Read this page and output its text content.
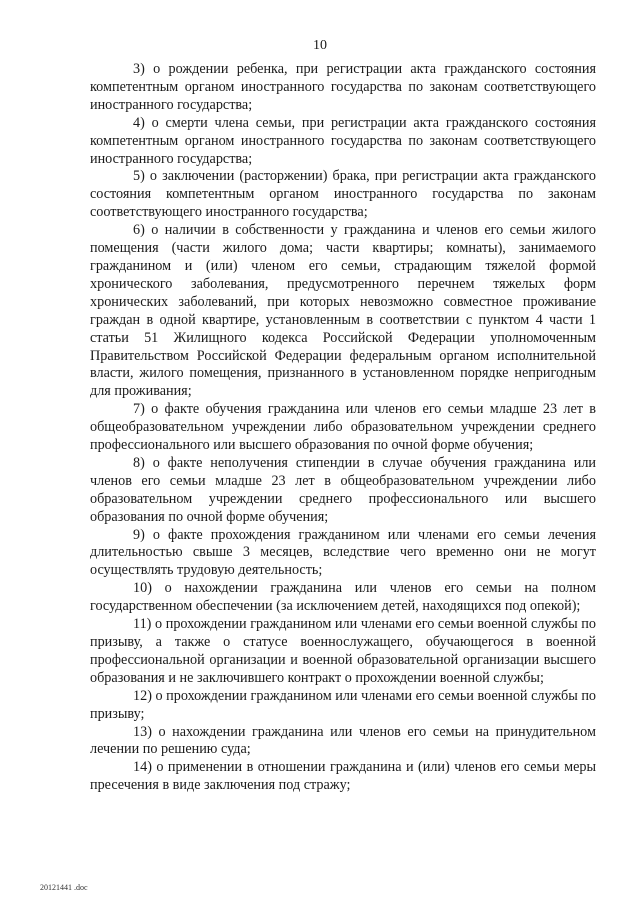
10

3) о рождении ребенка, при регистрации акта гражданского состояния компетентным органом иностранного государства по законам соответствующего иностранного государства;

4) о смерти члена семьи, при регистрации акта гражданского состояния компетентным органом иностранного государства по законам соответствующего иностранного государства;

5) о заключении (расторжении) брака, при регистрации акта гражданского состояния компетентным органом иностранного государства по законам соответствующего иностранного государства;

6) о наличии в собственности у гражданина и членов его семьи жилого помещения (части жилого дома; части квартиры; комнаты), занимаемого гражданином и (или) членом его семьи, страдающим тяжелой формой хронического заболевания, предусмотренного перечнем тяжелых форм хронических заболеваний, при которых невозможно совместное проживание граждан в одной квартире, установленным в соответствии с пунктом 4 части 1 статьи 51 Жилищного кодекса Российской Федерации уполномоченным Правительством Российской Федерации федеральным органом исполнительной власти, жилого помещения, признанного в установленном порядке непригодным для проживания;

7) о факте обучения гражданина или членов его семьи младше 23 лет в общеобразовательном учреждении либо образовательном учреждении среднего профессионального или высшего образования по очной форме обучения;

8) о факте неполучения стипендии в случае обучения гражданина или членов его семьи младше 23 лет в общеобразовательном учреждении либо образовательном учреждении среднего профессионального или высшего образования по очной форме обучения;

9) о факте прохождения гражданином или членами его семьи лечения длительностью свыше 3 месяцев, вследствие чего временно они не могут осуществлять трудовую деятельность;

10) о нахождении гражданина или членов его семьи на полном государственном обеспечении (за исключением детей, находящихся под опекой);

11) о прохождении гражданином или членами его семьи военной службы по призыву, а также о статусе военнослужащего, обучающегося в военной профессиональной организации и военной образовательной организации высшего образования и не заключившего контракт о прохождении военной службы;

12) о прохождении гражданином или членами его семьи военной службы по призыву;

13) о нахождении гражданина или членов его семьи на принудительном лечении по решению суда;

14) о применении в отношении гражданина и (или) членов его семьи меры пресечения в виде заключения под стражу;

20121441 .doc
